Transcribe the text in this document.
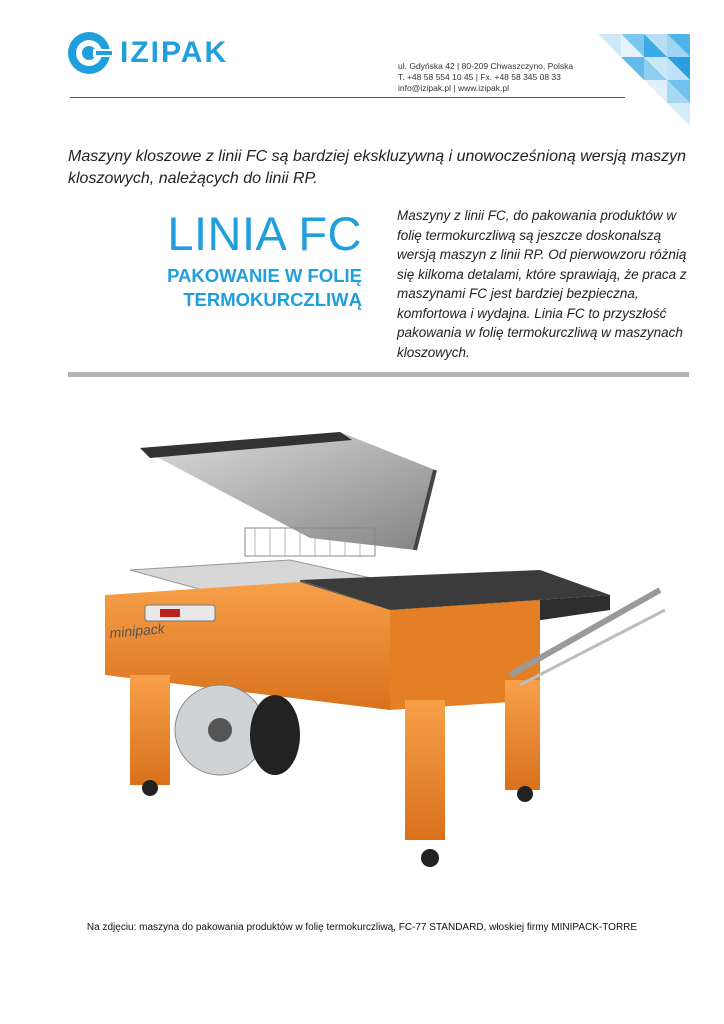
IZIPAK	ul. Gdyńska 42 | 80-209 Chwaszczyno, Polska
T. +48 58 554 10 45 | Fx. +48 58 345 08 33
info@izipak.pl | www.izipak.pl
Maszyny kloszowe z linii FC są bardziej ekskluzywną i unowocześnioną wersją maszyn kloszowych, należących do linii RP.
LINIA FC
PAKOWANIE W FOLIĘ TERMOKURCZLIWĄ
Maszyny z linii FC, do pakowania produktów w folię termokurczliwą są jeszcze doskonalszą wersją maszyn z linii RP. Od pierwowzoru różnią się kilkoma detalami, które sprawiają, że praca z maszynami FC jest bardziej bezpieczna, komfortowa i wydajna. Linia FC to przyszłość pakowania w folię termokurczliwą w maszynach kloszowych.
minipack
Na zdjęciu: maszyna do pakowania produktów w folię termokurczliwą, FC-77 STANDARD, włoskiej firmy MINIPACK-TORRE
